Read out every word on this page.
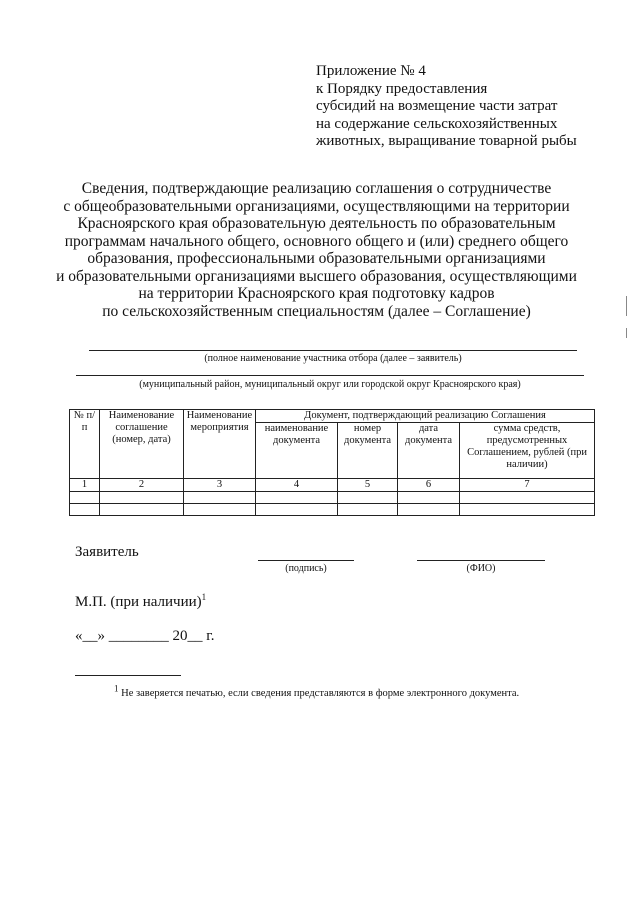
Приложение № 4
к Порядку предоставления
субсидий на возмещение части затрат
на содержание сельскохозяйственных
животных, выращивание товарной рыбы
Сведения, подтверждающие реализацию соглашения о сотрудничестве
с общеобразовательными организациями, осуществляющими на территории
Красноярского края образовательную деятельность по образовательным
программам начального общего, основного общего и (или) среднего общего
образования, профессиональными образовательными организациями
и образовательными организациями высшего образования, осуществляющими
на территории Красноярского края подготовку кадров
по сельскохозяйственным специальностям (далее – Соглашение)
(полное наименование участника отбора (далее – заявитель)
(муниципальный район, муниципальный округ или городской округ Красноярского края)
№ п/п	Наименование соглашение (номер, дата)	Наименование мероприятия	Документ, подтверждающий реализацию Соглашения			
			наименование документа	номер документа	дата документа	сумма средств, предусмотренных Соглашением, рублей (при наличии)
1	2	3	4	5	6	7

Заявитель
(подпись)	(ФИО)
М.П. (при наличии)$^1$
«__» ________ 20__ г.
$^1$ Не заверяется печатью, если сведения представляются в форме электронного документа.
